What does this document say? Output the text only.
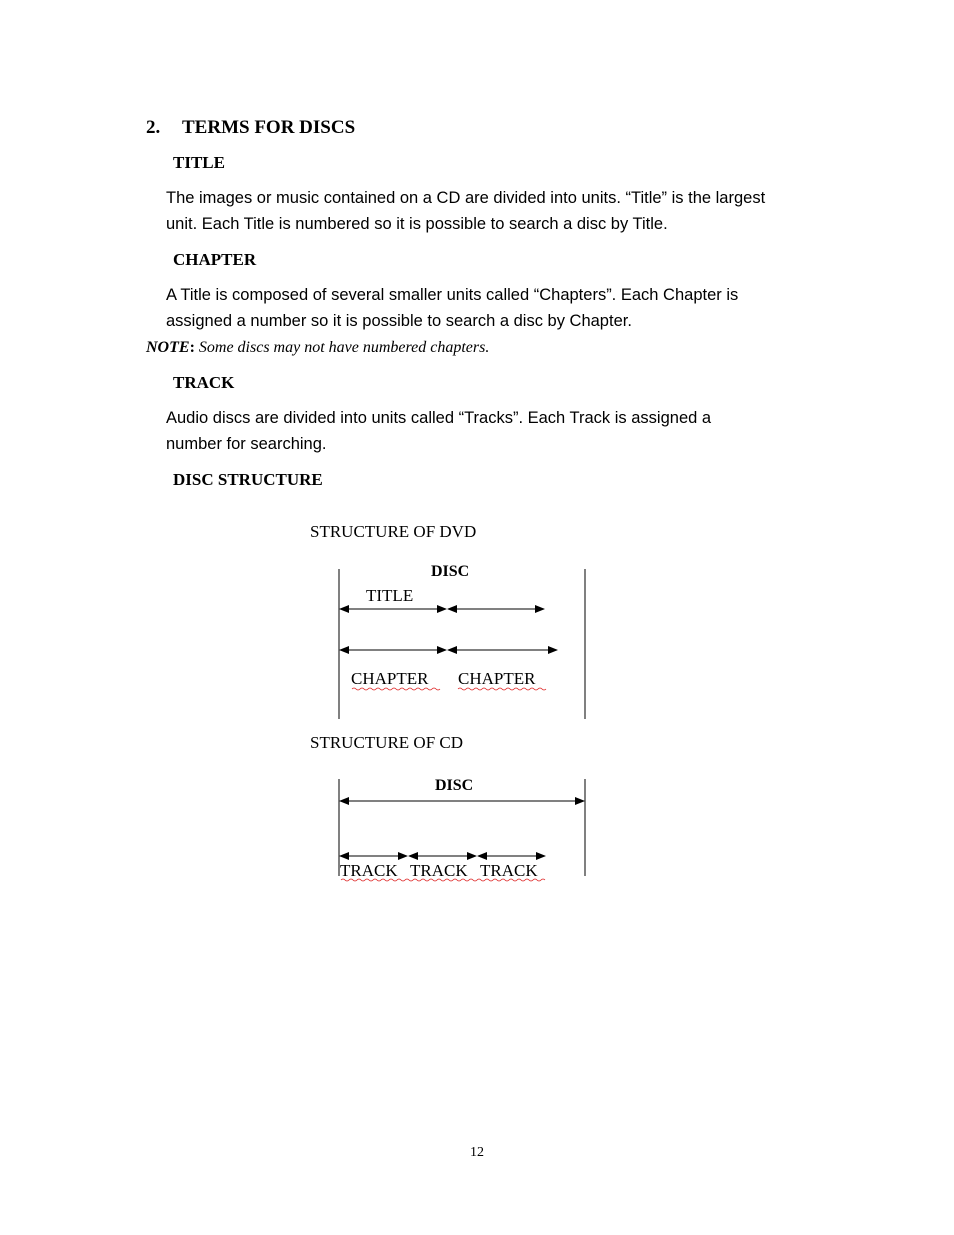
2. TERMS FOR DISCS
TITLE
The images or music contained on a CD are divided into units. “Title” is the largest
unit. Each Title is numbered so it is possible to search a disc by Title.
CHAPTER
A Title is composed of several smaller units called “Chapters”. Each Chapter is
assigned a number so it is possible to search a disc by Chapter.
NOTE: Some discs may not have numbered chapters.
TRACK
Audio discs are divided into units called “Tracks”. Each Track is assigned a
number for searching.
DISC STRUCTURE
STRUCTURE OF DVD
DISC
TITLE
CHAPTER CHAPTER
STRUCTURE OF CD
DISC
TRACK TRACK TRACK
12
